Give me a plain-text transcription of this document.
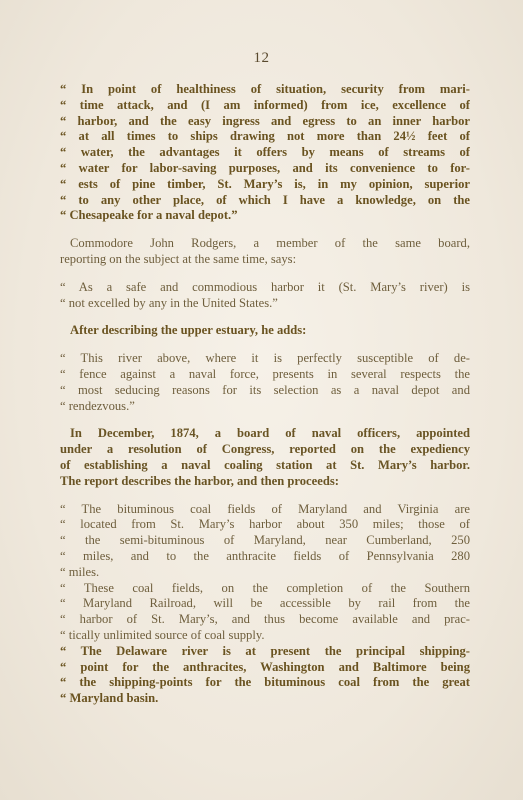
12
“ In point of healthiness of situation, security from mari-
“ time attack, and (I am informed) from ice, excellence of
“ harbor, and the easy ingress and egress to an inner harbor
“ at all times to ships drawing not more than 24½ feet of
“ water, the advantages it offers by means of streams of
“ water for labor-saving purposes, and its convenience to for-
“ ests of pine timber, St. Mary’s is, in my opinion, superior
“ to any other place, of which I have a knowledge, on the
“ Chesapeake for a naval depot.”
Commodore John Rodgers, a member of the same board,
reporting on the subject at the same time, says:
“ As a safe and commodious harbor it (St. Mary’s river) is
“ not excelled by any in the United States.”
After describing the upper estuary, he adds:
“ This river above, where it is perfectly susceptible of de-
“ fence against a naval force, presents in several respects the
“ most seducing reasons for its selection as a naval depot and
“ rendezvous.”
In December, 1874, a board of naval officers, appointed
under a resolution of Congress, reported on the expediency
of establishing a naval coaling station at St. Mary’s harbor.
The report describes the harbor, and then proceeds:
“ The bituminous coal fields of Maryland and Virginia are
“ located from St. Mary’s harbor about 350 miles; those of
“ the semi-bituminous of Maryland, near Cumberland, 250
“ miles, and to the anthracite fields of Pennsylvania 280
“ miles.
“ These coal fields, on the completion of the Southern
“ Maryland Railroad, will be accessible by rail from the
“ harbor of St. Mary’s, and thus become available and prac-
“ tically unlimited source of coal supply.
“ The Delaware river is at present the principal shipping-
“ point for the anthracites, Washington and Baltimore being
“ the shipping-points for the bituminous coal from the great
“ Maryland basin.
